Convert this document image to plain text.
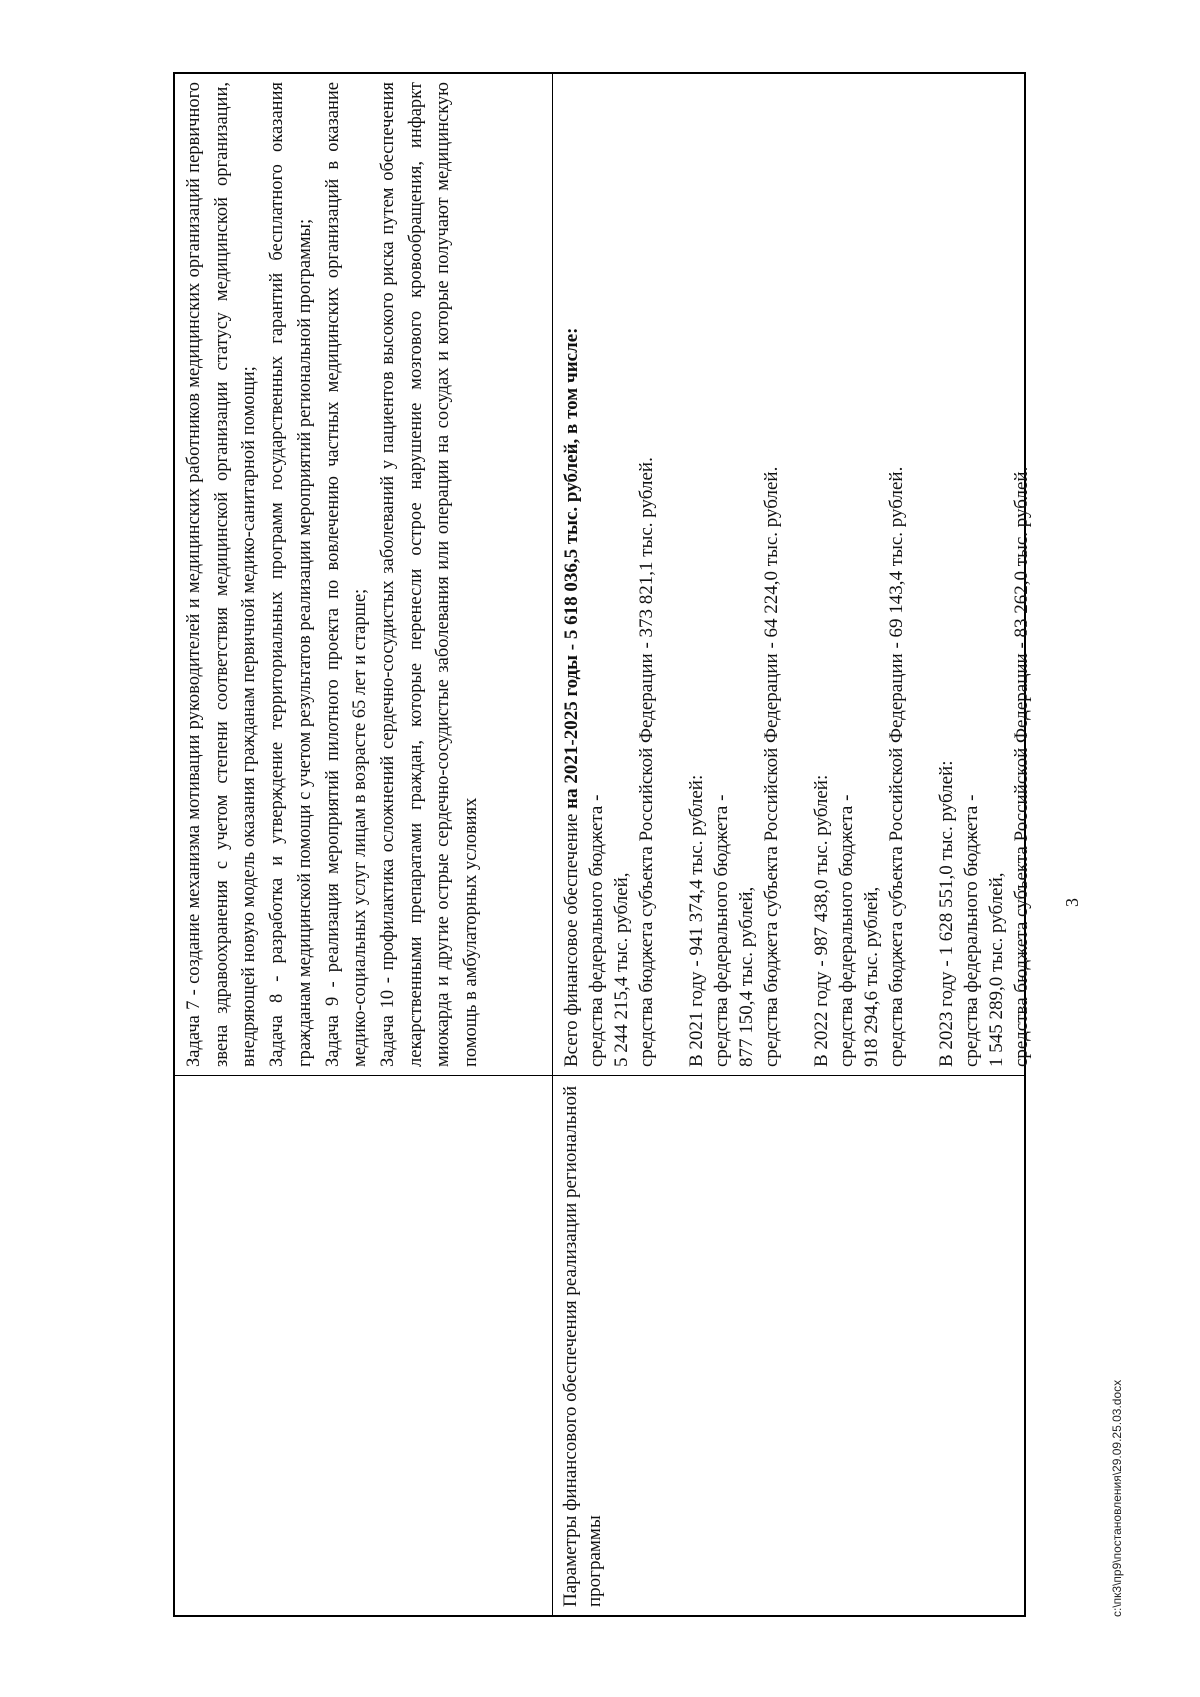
3
Задача 7 - создание механизма мотивации руководителей и медицинских работников медицинских организаций первичного звена здравоохранения с учетом степени соответствия медицинской организации статусу медицинской организации, внедряющей новую модель оказания гражданам первичной медико-санитарной помощи; Задача 8 - разработка и утверждение территориальных программ государственных гарантий бесплатного оказания гражданам медицинской помощи с учетом результатов реализации мероприятий региональной программы; Задача 9 - реализация мероприятий пилотного проекта по вовлечению частных медицинских организаций в оказание медико-социальных услуг лицам в возрасте 65 лет и старше; Задача 10 - профилактика осложнений сердечно-сосудистых заболеваний у пациентов высокого риска путем обеспечения лекарственными препаратами граждан, которые перенесли острое нарушение мозгового кровообращения, инфаркт миокарда и другие острые сердечно-сосудистые заболевания или операции на сосудах и которые получают медицинскую помощь в амбулаторных условиях
Параметры финансового обеспечения реализации региональной программы

Всего финансовое обеспечение на 2021-2025 годы - 5 618 036,5 тыс. рублей, в том числе:

средства федерального бюджета - 5 244 215,4 тыс. рублей, средства бюджета субъекта Российской Федерации - 373 821,1 тыс. рублей. В 2021 году - 941 374,4 тыс. рублей: средства федерального бюджета - 877 150,4 тыс. рублей, средства бюджета субъекта Российской Федерации - 64 224,0 тыс. рублей. В 2022 году - 987 438,0 тыс. рублей: средства федерального бюджета - 918 294,6 тыс. рублей, средства бюджета субъекта Российской Федерации - 69 143,4 тыс. рублей. В 2023 году - 1 628 551,0 тыс. рублей: средства федерального бюджета - 1 545 289,0 тыс. рублей, средства бюджета субъекта Российской Федерации - 83 262,0 тыс. рублей.

c:\пк3\пр9\постановления\29.09.25.03.docx
